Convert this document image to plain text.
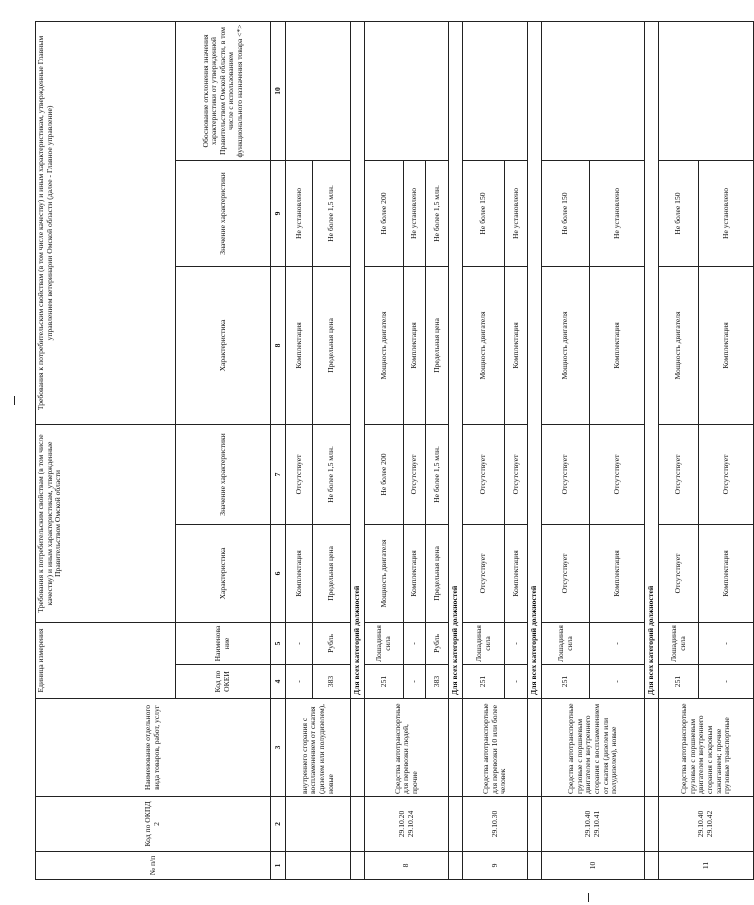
№ п/п	Код по ОКПД 2	Наименование отдельного вида товаров, работ, услуг	Единица измерения		Требования к потребительским свойствам (в том числе качеству) и иным характеристикам, утвержденные Правительством Омской области		Требования к потребительским свойствам (в том числе качеству) и иным характеристикам, утвержденные Главным управлением ветеринарии Омской области (далее - Главное управление)		
			Код по ОКЕИ	Наименова ние	Характеристика	Значение характеристики	Характеристика	Значение характеристики	Обоснование отклонения значения характеристики от утвержденной Правительством Омской области, в том числе с использованием функционального назначения товара <*>
1	2	3	4	5	6	7	8	9	10
		внутреннего сгорания с воспламенением от сжатия (дизелем или полудизелем), новые	-	-	Комплектация	Отсутствует	Комплектация	Не установлено	
			383	Рубль	Предельная цена	Не более 1,5 млн.	Предельная цена	Не более 1,5 млн.	
			Для всех категорий должностей						
8	29.10.20 29.10.24	Средства автотранспортные для перевозки людей, прочие	251	Лошадиная сила	Мощность двигателя	Не более 200	Мощность двигателя	Не более 200	
			-	-	Комплектация	Отсутствует	Комплектация	Не установлено	
			383	Рубль	Предельная цена	Не более 1,5 млн.	Предельная цена	Не более 1,5 млн.	
			Для всех категорий должностей						
9	29.10.30	Средства автотранспортные для перевозки 10 или более человек	251	Лошадиная сила	Отсутствует	Отсутствует	Мощность двигателя	Не более 150	
			-	-	Комплектация	Отсутствует	Комплектация	Не установлено	
			Для всех категорий должностей						
10	29.10.40 29.10.41	Средства автотранспортные грузовые с поршневым двигателем внутреннего сгорания с воспламенением от сжатия (дизелем или полудизелем), новые	251	Лошадиная сила	Отсутствует	Отсутствует	Мощность двигателя	Не более 150	
			-	-	Комплектация	Отсутствует	Комплектация	Не установлено	
			Для всех категорий должностей						
11	29.10.40 29.10.42	Средства автотранспортные грузовые с поршневым двигателем внутреннего сгорания с искровым зажиганием; прочие грузовые транспортные	251	Лошадиная сила	Отсутствует	Отсутствует	Мощность двигателя	Не более 150	
			-	-	Комплектация	Отсутствует	Комплектация	Не установлено	
